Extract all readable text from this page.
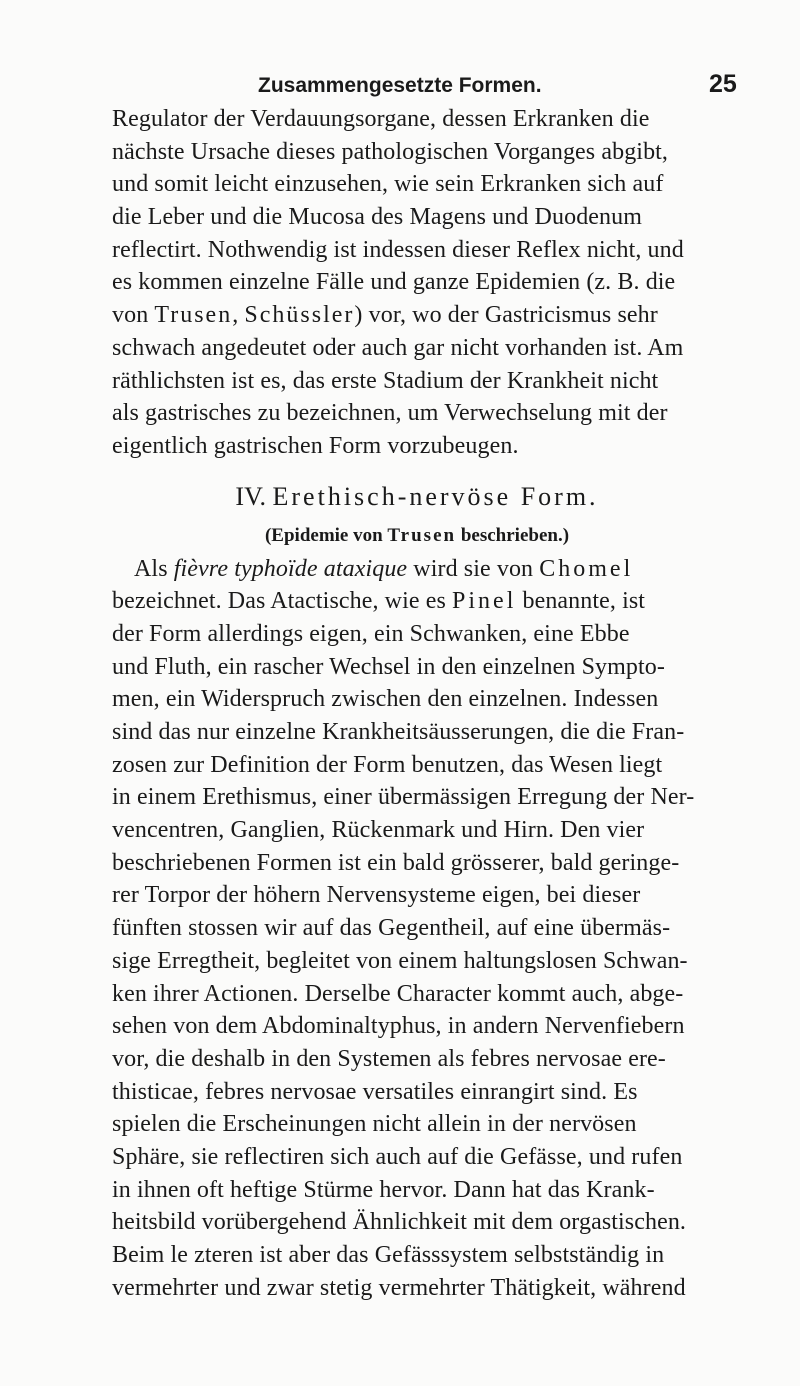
Zusammengesetzte Formen.	25
Regulator der Verdauungsorgane, dessen Erkranken die
nächste Ursache dieses pathologischen Vorganges abgibt,
und somit leicht einzusehen, wie sein Erkranken sich auf
die Leber und die Mucosa des Magens und Duodenum
reflectirt. Nothwendig ist indessen dieser Reflex nicht, und
es kommen einzelne Fälle und ganze Epidemien (z. B. die
von Trusen, Schüssler) vor, wo der Gastricismus sehr
schwach angedeutet oder auch gar nicht vorhanden ist. Am
räthlichsten ist es, das erste Stadium der Krankheit nicht
als gastrisches zu bezeichnen, um Verwechselung mit der
eigentlich gastrischen Form vorzubeugen.
IV. Erethisch-nervöse Form.
(Epidemie von Trusen beschrieben.)
Als fièvre typhoïde ataxique wird sie von Chomel
bezeichnet. Das Atactische, wie es Pinel benannte, ist
der Form allerdings eigen, ein Schwanken, eine Ebbe
und Fluth, ein rascher Wechsel in den einzelnen Sympto-
men, ein Widerspruch zwischen den einzelnen. Indessen
sind das nur einzelne Krankheitsäusserungen, die die Fran-
zosen zur Definition der Form benutzen, das Wesen liegt
in einem Erethismus, einer übermässigen Erregung der Ner-
vencentren, Ganglien, Rückenmark und Hirn. Den vier
beschriebenen Formen ist ein bald grösserer, bald geringe-
rer Torpor der höhern Nervensysteme eigen, bei dieser
fünften stossen wir auf das Gegentheil, auf eine übermäs-
sige Erregtheit, begleitet von einem haltungslosen Schwan-
ken ihrer Actionen. Derselbe Character kommt auch, abge-
sehen von dem Abdominaltyphus, in andern Nervenfiebern
vor, die deshalb in den Systemen als febres nervosae ere-
thisticae, febres nervosae versatiles einrangirt sind. Es
spielen die Erscheinungen nicht allein in der nervösen
Sphäre, sie reflectiren sich auch auf die Gefässe, und rufen
in ihnen oft heftige Stürme hervor. Dann hat das Krank-
heitsbild vorübergehend Ähnlichkeit mit dem orgastischen.
Beim le zteren ist aber das Gefässsystem selbstständig in
vermehrter und zwar stetig vermehrter Thätigkeit, während
